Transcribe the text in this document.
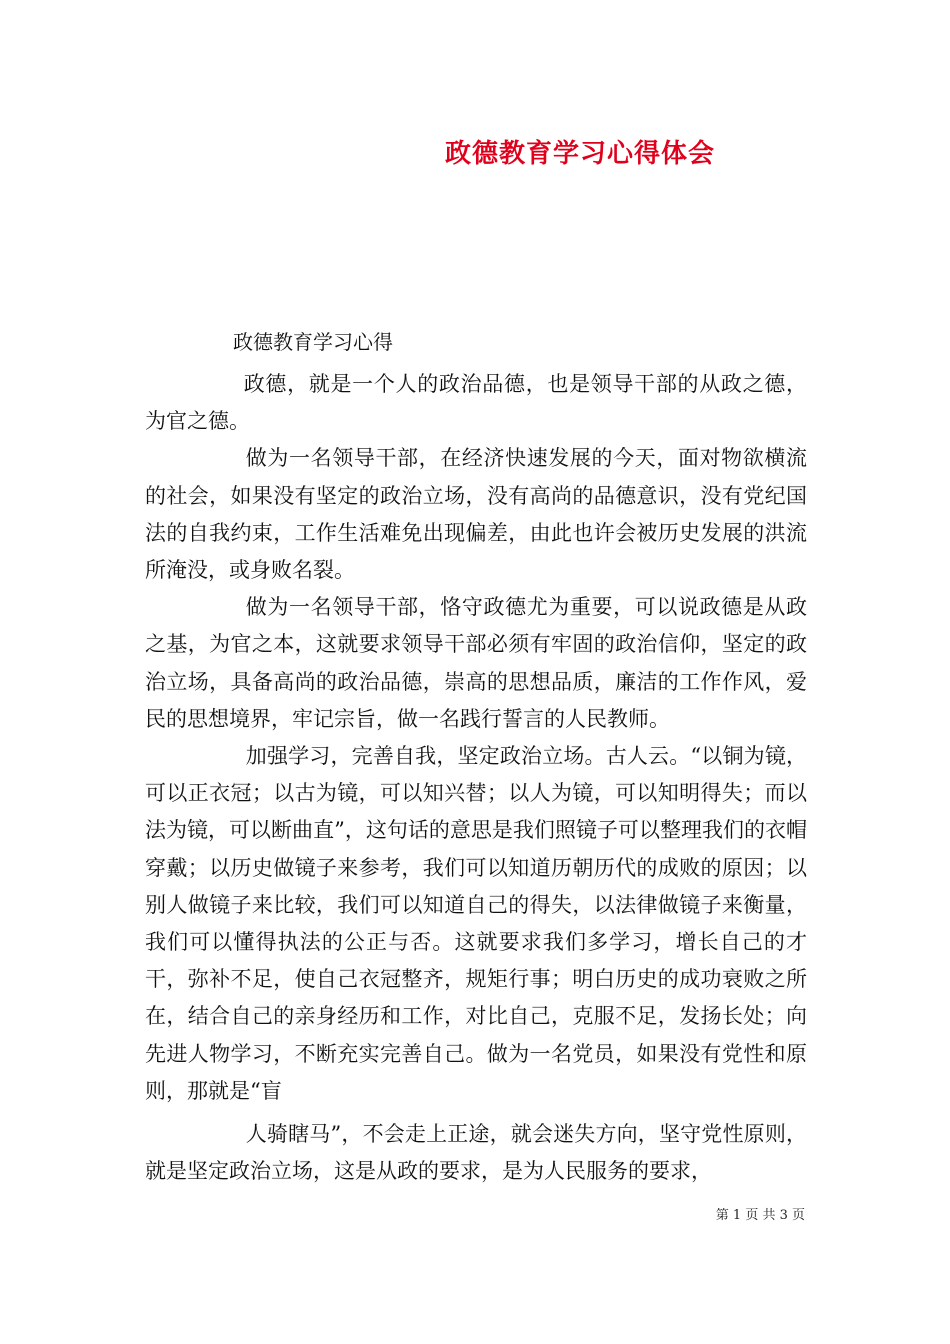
政德教育学习心得体会
政德教育学习心得

政德，就是一个人的政治品德，也是领导干部的从政之德，为官之德。

做为一名领导干部，在经济快速发展的今天，面对物欲横流的社会，如果没有坚定的政治立场，没有高尚的品德意识，没有党纪国法的自我约束，工作生活难免出现偏差，由此也许会被历史发展的洪流所淹没，或身败名裂。

做为一名领导干部，恪守政德尤为重要，可以说政德是从政之基，为官之本，这就要求领导干部必须有牢固的政治信仰，坚定的政治立场，具备高尚的政治品德，崇高的思想品质，廉洁的工作作风，爱民的思想境界，牢记宗旨，做一名践行誓言的人民教师。

加强学习，完善自我，坚定政治立场。古人云。“以铜为镜，可以正衣冠；以古为镜，可以知兴替；以人为镜，可以知明得失；而以法为镜，可以断曲直”，这句话的意思是我们照镜子可以整理我们的衣帽穿戴；以历史做镜子来参考，我们可以知道历朝历代的成败的原因；以别人做镜子来比较，我们可以知道自己的得失，以法律做镜子来衡量，我们可以懂得执法的公正与否。这就要求我们多学习，增长自己的才干，弥补不足，使自己衣冠整齐，规矩行事；明白历史的成功衰败之所在，结合自己的亲身经历和工作，对比自己，克服不足，发扬长处；向先进人物学习，不断充实完善自己。做为一名党员，如果没有党性和原则，那就是“盲

人骑瞎马”，不会走上正途，就会迷失方向，坚守党性原则，就是坚定政治立场，这是从政的要求，是为人民服务的要求，

第 1 页 共 3 页
